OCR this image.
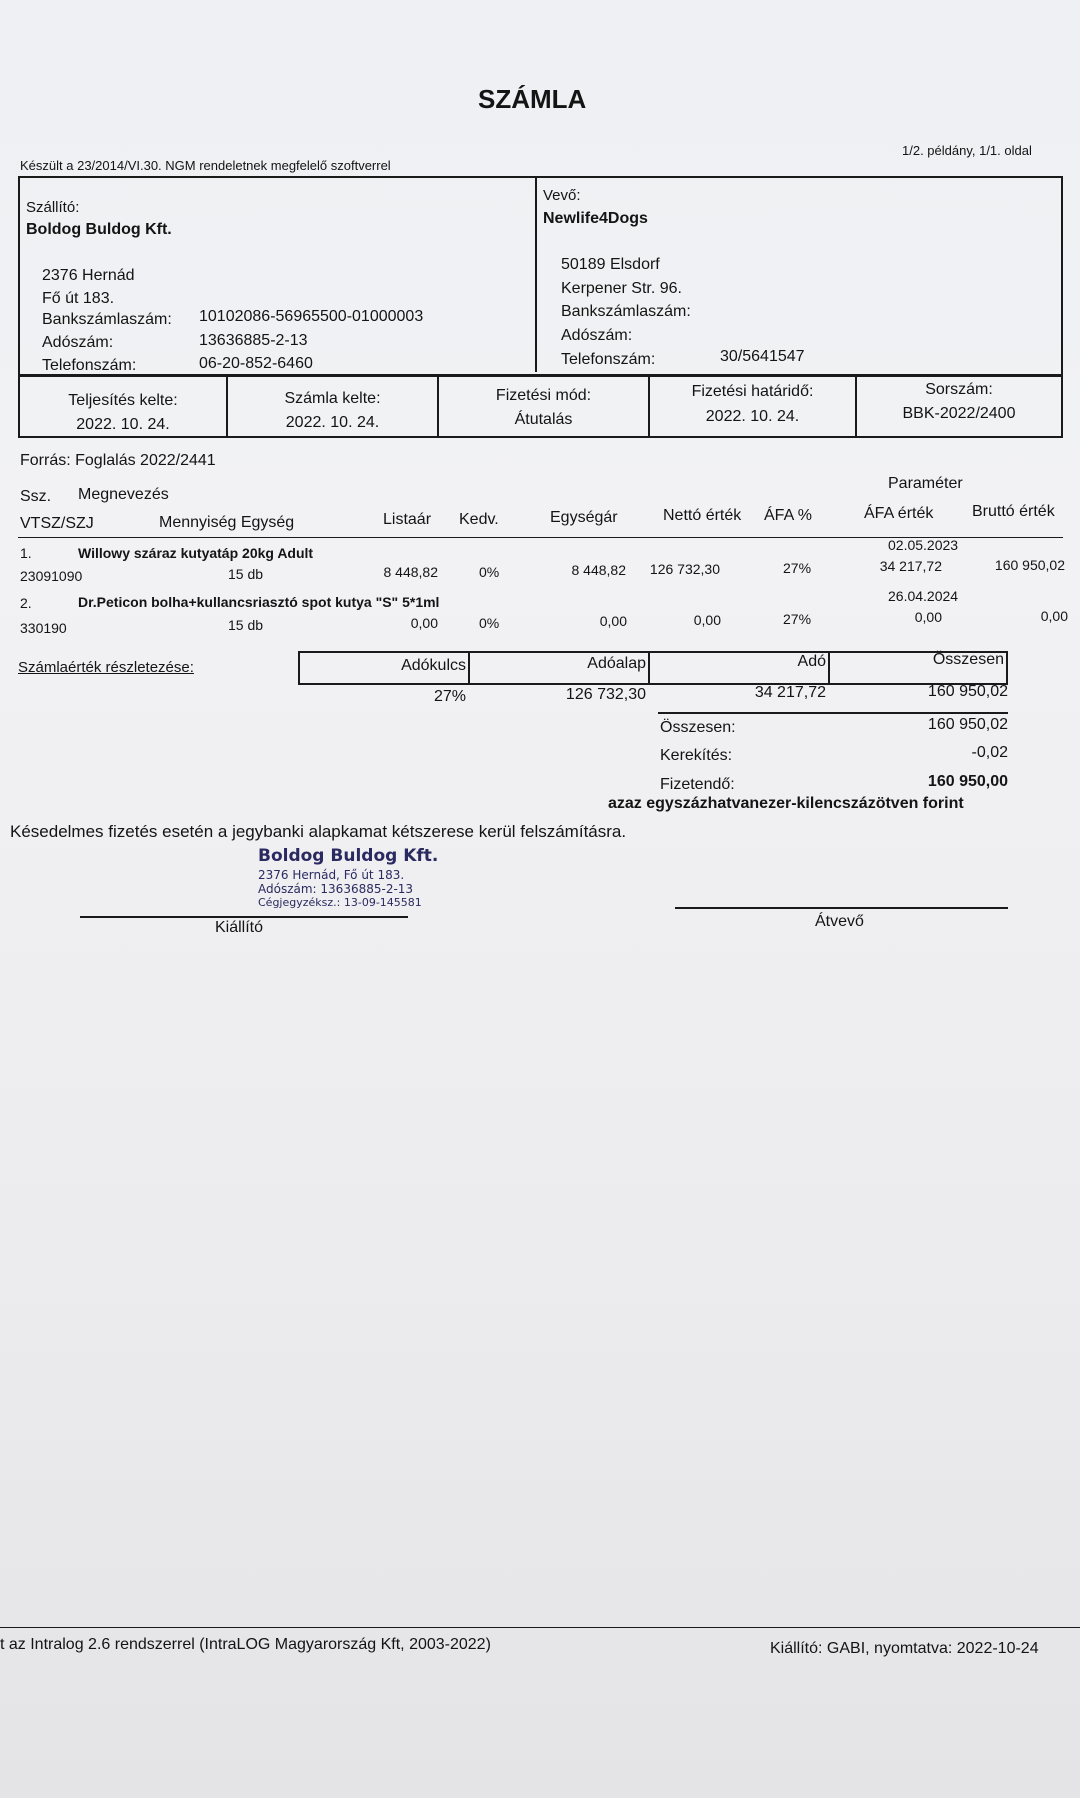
SZÁMLA
Készült a 23/2014/VI.30. NGM rendeletnek megfelelő szoftverrel
1/2. példány, 1/1. oldal
Szállító:
Boldog Buldog Kft.
2376 Hernád
Fő út 183.
Bankszámlaszám: 10102086-56965500-01000003
Adószám:	13636885-2-13
Telefonszám:	06-20-852-6460
Vevő:
Newlife4Dogs
50189 Elsdorf
Kerpener Str. 96.
Bankszámlaszám:
Adószám:
Telefonszám:	30/5641547
Teljesítés kelte:
2022. 10. 24.
Számla kelte:
2022. 10. 24.
Fizetési mód:
Átutalás
Fizetési határidő:
2022. 10. 24.
Sorszám:
BBK-2022/2400
Forrás: Foglalás 2022/2441
Ssz. Megnevezés
Paraméter
VTSZ/SZJ	Mennyiség Egység	Listaár Kedv.	Egységár	Nettó érték ÁFA %	ÁFA érték Bruttó érték
1.	Willowy száraz kutyatáp 20kg Adult	02.05.2023
23091090	15 db	8 448,82	0%	8 448,82	126 732,30	27%	34 217,72	160 950,02
2.	Dr.Peticon bolha+kullancsriasztó spot kutya "S" 5*1ml	26.04.2024
330190	15 db	0,00	0%	0,00	0,00	27%	0,00	0,00
Számlaérték részletezése:	Adókulcs	Adóalap	Adó	Összesen
27%	126 732,30	34 217,72	160 950,02
Összesen:	160 950,02
Kerekítés:	-0,02
Fizetendő:	160 950,00
azaz egyszázhatvanezer-kilencszázötven forint
Késedelmes fizetés esetén a jegybanki alapkamat kétszerese kerül felszámításra.
Boldog Buldog Kft.
2376 Hernád, Fő út 183.
Adószám: 13636885-2-13
Cégjegyzéksz.: 13-09-145581
Kiállító	Átvevő
t az Intralog 2.6 rendszerrel (IntraLOG Magyarország Kft, 2003-2022)	Kiállító: GABI, nyomtatva: 2022-10-24
